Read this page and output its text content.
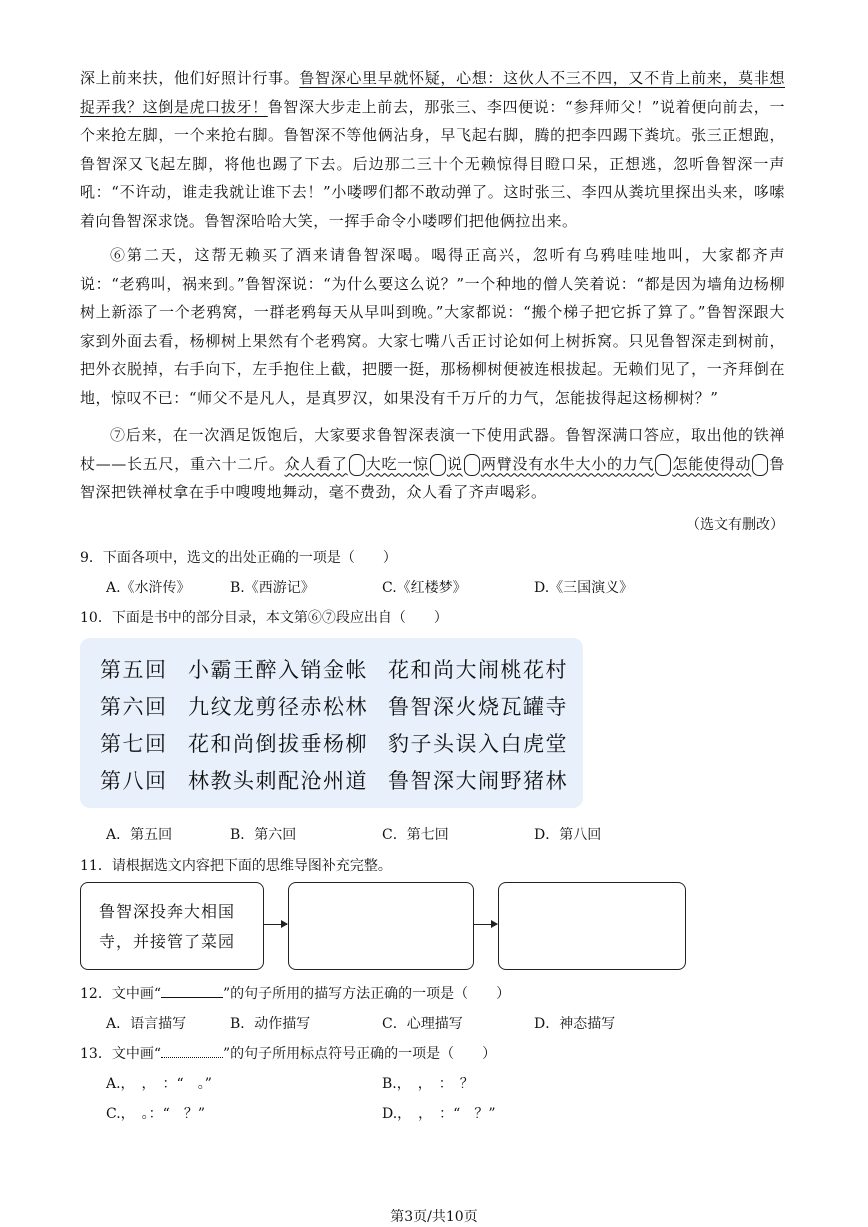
深上前来扶，他们好照计行事。鲁智深心里早就怀疑，心想：这伙人不三不四，又不肯上前来，莫非想捉弄我？这倒是虎口拔牙！鲁智深大步走上前去，那张三、李四便说：“参拜师父！”说着便向前去，一个来抢左脚，一个来抢右脚。鲁智深不等他俩沾身，早飞起右脚，腾的把李四踢下粪坑。张三正想跑，鲁智深又飞起左脚，将他也踢了下去。后边那二三十个无赖惊得目瞪口呆，正想逃，忽听鲁智深一声吼：“不许动，谁走我就让谁下去！”小喽啰们都不敢动弹了。这时张三、李四从粪坑里探出头来，哆嗦着向鲁智深求饶。鲁智深哈哈大笑，一挥手命令小喽啰们把他俩拉出来。
⑥第二天，这帮无赖买了酒来请鲁智深喝。喝得正高兴，忽听有乌鸦哇哇地叫，大家都齐声说：“老鸦叫，祸来到。”鲁智深说：“为什么要这么说？”一个种地的僧人笑着说：“都是因为墙角边杨柳树上新添了一个老鸦窝，一群老鸦每天从早叫到晚。”大家都说：“搬个梯子把它拆了算了。”鲁智深跟大家到外面去看，杨柳树上果然有个老鸦窝。大家七嘴八舌正讨论如何上树拆窝。只见鲁智深走到树前，把外衣脱掉，右手向下，左手抱住上截，把腰一挺，那杨柳树便被连根拔起。无赖们见了，一齐拜倒在地，惊叹不已：“师父不是凡人，是真罗汉，如果没有千万斤的力气，怎能拔得起这杨柳树？”
⑦后来，在一次酒足饭饱后，大家要求鲁智深表演一下使用武器。鲁智深满口答应，取出他的铁禅杖——长五尺，重六十二斤。众人看了 大吃一惊 说 两臂没有水牛大小的力气 怎能使得动 鲁智深把铁禅杖拿在手中嗖嗖地舞动，毫不费劲，众人看了齐声喝彩。
（选文有删改）
9．下面各项中，选文的出处正确的一项是（　　）
A.《水浒传》	B.《西游记》	C.《红楼梦》	D.《三国演义》
10．下面是书中的部分目录，本文第⑥⑦段应出自（　　）
第五回 小霸王醉入销金帐 花和尚大闹桃花村
第六回 九纹龙剪径赤松林 鲁智深火烧瓦罐寺
第七回 花和尚倒拔垂杨柳 豹子头误入白虎堂
第八回 林教头刺配沧州道 鲁智深大闹野猪林
A．第五回	B．第六回	C．第七回	D．第八回
11．请根据选文内容把下面的思维导图补充完整。
鲁智深投奔大相国寺，并接管了菜园
12．文中画“	”的句子所用的描写方法正确的一项是（　　）
A．语言描写	B．动作描写	C．心理描写	D．神态描写
13．文中画“	”的句子所用标点符号正确的一项是（　　）
A.，　，　：“　。”	B.，　，　：　？
C.，　。：“　？”	D.，　，　：“　？”
第3页/共10页
